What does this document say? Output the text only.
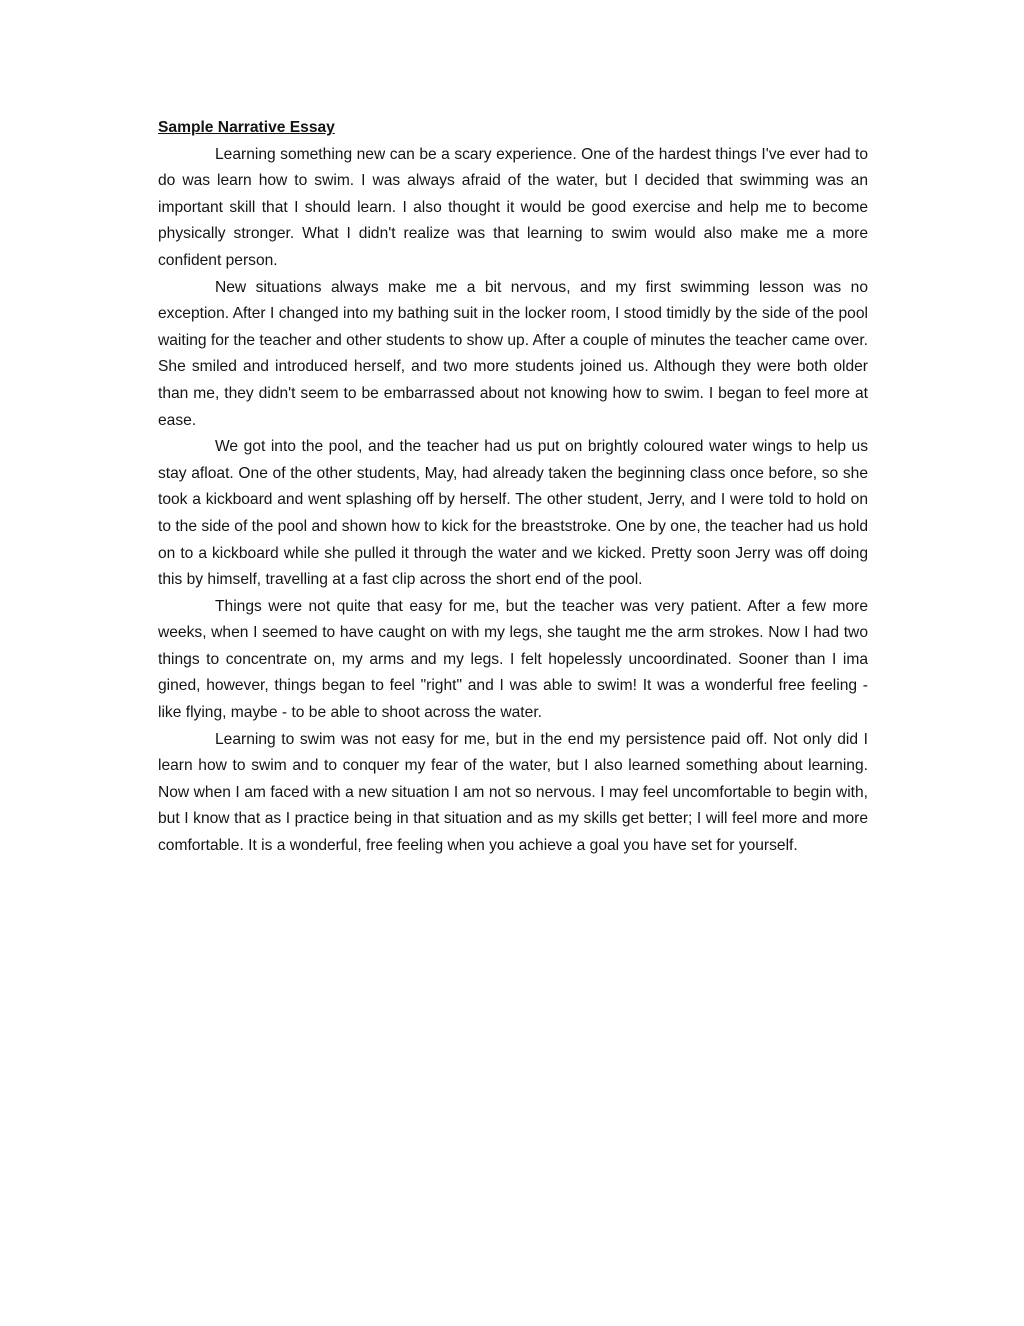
Sample Narrative Essay

Learning something new can be a scary experience. One of the hardest things I've ever had to do was learn how to swim. I was always afraid of the water, but I decided that swimming was an important skill that I should learn. I also thought it would be good exercise and help me to become physically stronger. What I didn't realize was that learning to swim would also make me a more confident person.

New situations always make me a bit nervous, and my first swimming lesson was no exception. After I changed into my bathing suit in the locker room, I stood timidly by the side of the pool waiting for the teacher and other students to show up. After a couple of minutes the teacher came over. She smiled and introduced herself, and two more students joined us. Although they were both older than me, they didn't seem to be embarrassed about not knowing how to swim. I began to feel more at ease.

We got into the pool, and the teacher had us put on brightly coloured water wings to help us stay afloat. One of the other students, May, had already taken the beginning class once before, so she took a kickboard and went splashing off by herself. The other student, Jerry, and I were told to hold on to the side of the pool and shown how to kick for the breaststroke. One by one, the teacher had us hold on to a kickboard while she pulled it through the water and we kicked. Pretty soon Jerry was off doing this by himself, travelling at a fast clip across the short end of the pool.

Things were not quite that easy for me, but the teacher was very patient. After a few more weeks, when I seemed to have caught on with my legs, she taught me the arm strokes. Now I had two things to concentrate on, my arms and my legs. I felt hopelessly uncoordinated. Sooner than I ima gined, however, things began to feel "right" and I was able to swim! It was a wonderful free feeling - like flying, maybe - to be able to shoot across the water.

Learning to swim was not easy for me, but in the end my persistence paid off. Not only did I learn how to swim and to conquer my fear of the water, but I also learned something about learning. Now when I am faced with a new situation I am not so nervous. I may feel uncomfortable to begin with, but I know that as I practice being in that situation and as my skills get better; I will feel more and more comfortable. It is a wonderful, free feeling when you achieve a goal you have set for yourself.
